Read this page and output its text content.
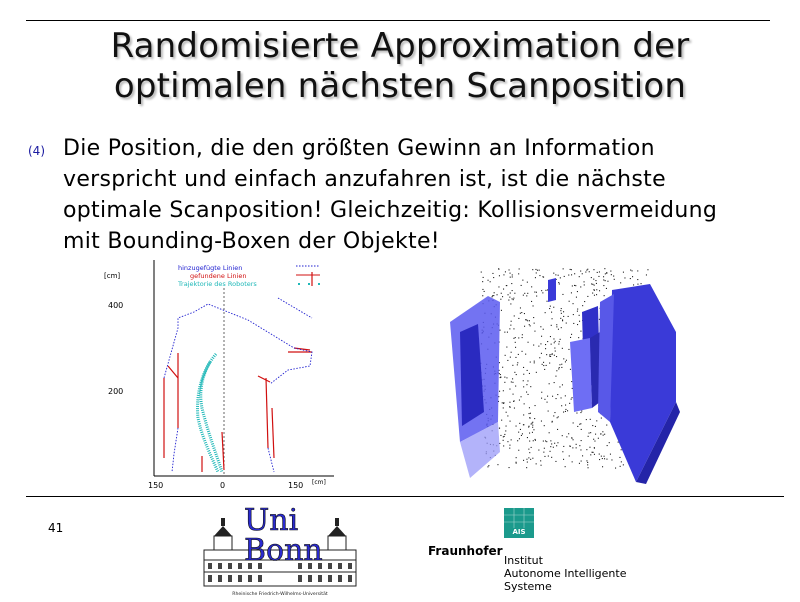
Randomisierte Approximation der
optimalen nächsten Scanposition
(4) Die Position, die den größten Gewinn an Information
verspricht und einfach anzufahren ist, ist die nächste
optimale Scanposition! Gleichzeitig: Kollisionsvermeidung
mit Bounding-Boxen der Objekte!
[cm]
400
200
150	0	150 [cm]
hinzugefügte Linien
gefundene Linien
Trajektorie des Roboters
41	Uni
Bonn
Rheinische Friedrich-Wilhelms-Universität
AIS
Fraunhofer
Institut
Autonome Intelligente
Systeme
